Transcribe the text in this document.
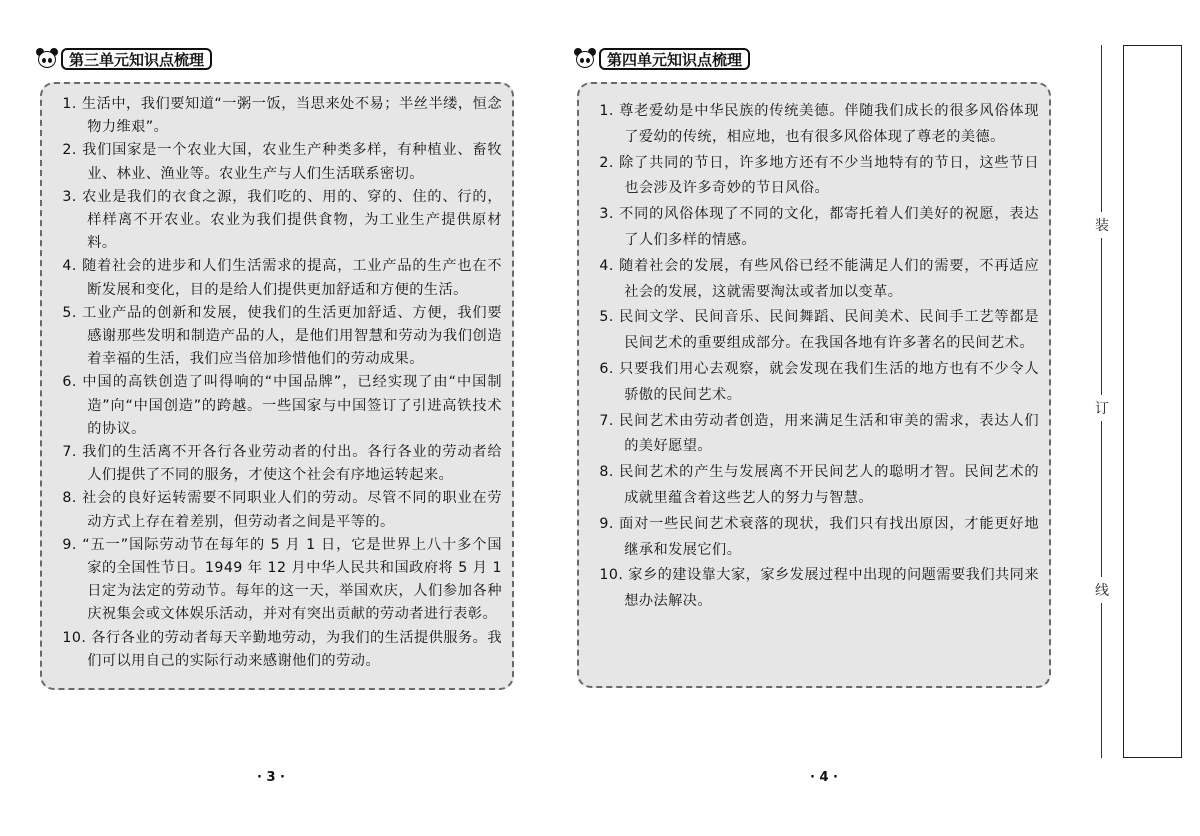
第三单元知识点梳理
1. 生活中，我们要知道“一粥一饭，当思来处不易；半丝半缕，恒念物力维艰”。
2. 我们国家是一个农业大国，农业生产种类多样，有种植业、畜牧业、林业、渔业等。农业生产与人们生活联系密切。
3. 农业是我们的衣食之源，我们吃的、用的、穿的、住的、行的，样样离不开农业。农业为我们提供食物，为工业生产提供原材料。
4. 随着社会的进步和人们生活需求的提高，工业产品的生产也在不断发展和变化，目的是给人们提供更加舒适和方便的生活。
5. 工业产品的创新和发展，使我们的生活更加舒适、方便，我们要感谢那些发明和制造产品的人，是他们用智慧和劳动为我们创造着幸福的生活，我们应当倍加珍惜他们的劳动成果。
6. 中国的高铁创造了叫得响的“中国品牌”，已经实现了由“中国制造”向“中国创造”的跨越。一些国家与中国签订了引进高铁技术的协议。
7. 我们的生活离不开各行各业劳动者的付出。各行各业的劳动者给人们提供了不同的服务，才使这个社会有序地运转起来。
8. 社会的良好运转需要不同职业人们的劳动。尽管不同的职业在劳动方式上存在着差别，但劳动者之间是平等的。
9. “五一”国际劳动节在每年的 5 月 1 日，它是世界上八十多个国家的全国性节日。1949 年 12 月中华人民共和国政府将 5 月 1 日定为法定的劳动节。每年的这一天，举国欢庆，人们参加各种庆祝集会或文体娱乐活动，并对有突出贡献的劳动者进行表彰。
10. 各行各业的劳动者每天辛勤地劳动，为我们的生活提供服务。我们可以用自己的实际行动来感谢他们的劳动。
· 3 ·
第四单元知识点梳理
1. 尊老爱幼是中华民族的传统美德。伴随我们成长的很多风俗体现了爱幼的传统，相应地，也有很多风俗体现了尊老的美德。
2. 除了共同的节日，许多地方还有不少当地特有的节日，这些节日也会涉及许多奇妙的节日风俗。
3. 不同的风俗体现了不同的文化，都寄托着人们美好的祝愿，表达了人们多样的情感。
4. 随着社会的发展，有些风俗已经不能满足人们的需要，不再适应社会的发展，这就需要淘汰或者加以变革。
5. 民间文学、民间音乐、民间舞蹈、民间美术、民间手工艺等都是民间艺术的重要组成部分。在我国各地有许多著名的民间艺术。
6. 只要我们用心去观察，就会发现在我们生活的地方也有不少令人骄傲的民间艺术。
7. 民间艺术由劳动者创造，用来满足生活和审美的需求，表达人们的美好愿望。
8. 民间艺术的产生与发展离不开民间艺人的聪明才智。民间艺术的成就里蕴含着这些艺人的努力与智慧。
9. 面对一些民间艺术衰落的现状，我们只有找出原因，才能更好地继承和发展它们。
10. 家乡的建设靠大家，家乡发展过程中出现的问题需要我们共同来想办法解决。
· 4 ·
装
订
线
